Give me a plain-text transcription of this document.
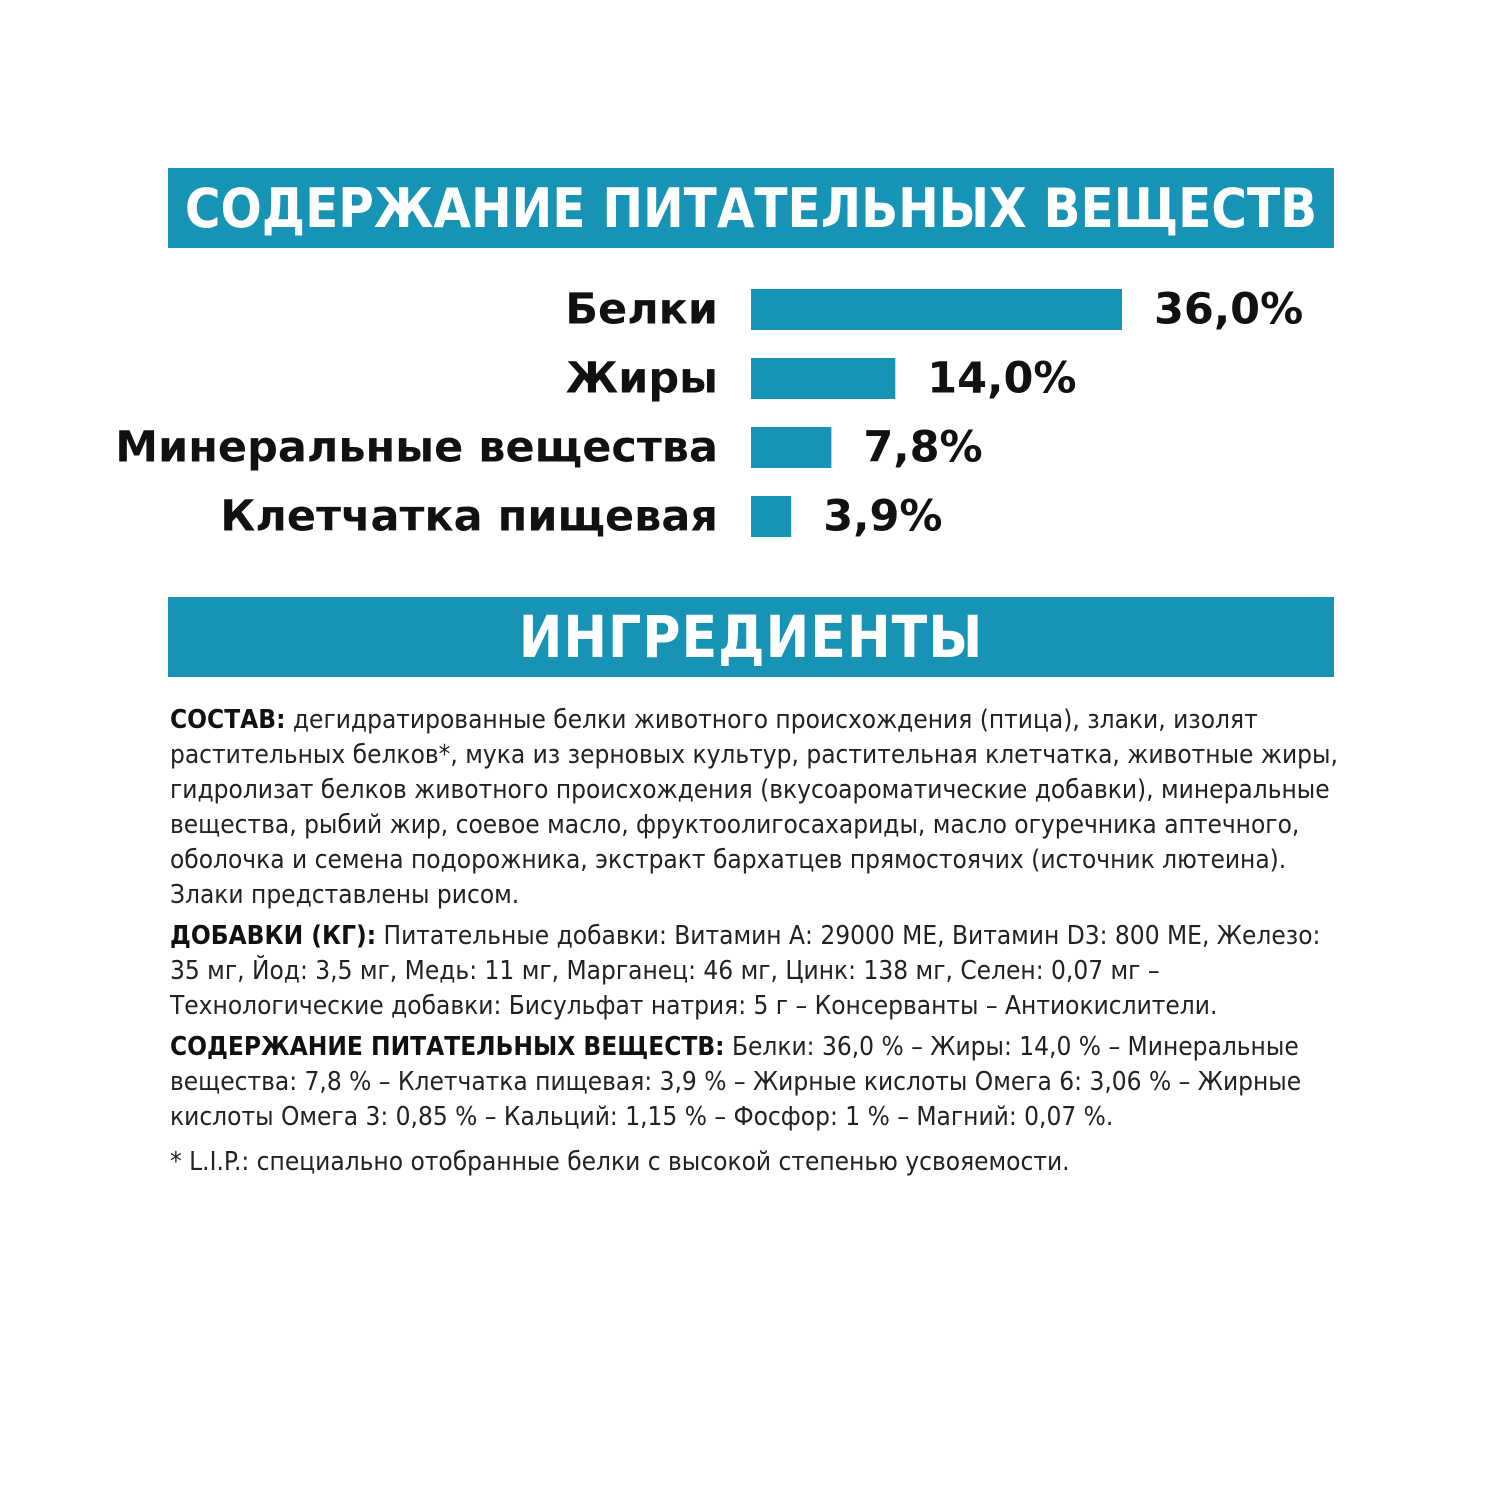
СОДЕРЖАНИЕ ПИТАТЕЛЬНЫХ ВЕЩЕСТВ
Белки	36,0%
Жиры	14,0%
Минеральные вещества	7,8%
Клетчатка пищевая 3,9%
ИНГРЕДИЕНТЫ

СОСТАВ: дегидратированные белки животного происхождения (птица), злаки, изолят растительных белков*, мука из зерновых культур, растительная клетчатка, животные жиры, гидролизат белков животного происхождения (вкусоароматические добавки), минеральные вещества, рыбий жир, соевое масло, фруктоолигосахариды, масло огуречника аптечного, оболочка и семена подорожника, экстракт бархатцев прямостоячих (источник лютеина). Злаки представлены рисом.

ДОБАВКИ (КГ): Питательные добавки: Витамин А: 29000 МЕ, Витамин D3: 800 МЕ, Железо: 35 мг, Йод: 3,5 мг, Медь: 11 мг, Марганец: 46 мг, Цинк: 138 мг, Селен: 0,07 мг – Технологические добавки: Бисульфат натрия: 5 г – Консерванты – Антиокислители.

СОДЕРЖАНИЕ ПИТАТЕЛЬНЫХ ВЕЩЕСТВ: Белки: 36,0 % – Жиры: 14,0 % – Минеральные вещества: 7,8 % – Клетчатка пищевая: 3,9 % – Жирные кислоты Омега 6: 3,06 % – Жирные кислоты Омега 3: 0,85 % – Кальций: 1,15 % – Фосфор: 1 % – Магний: 0,07 %.

* L.I.P.: специально отобранные белки с высокой степенью усвояемости.
